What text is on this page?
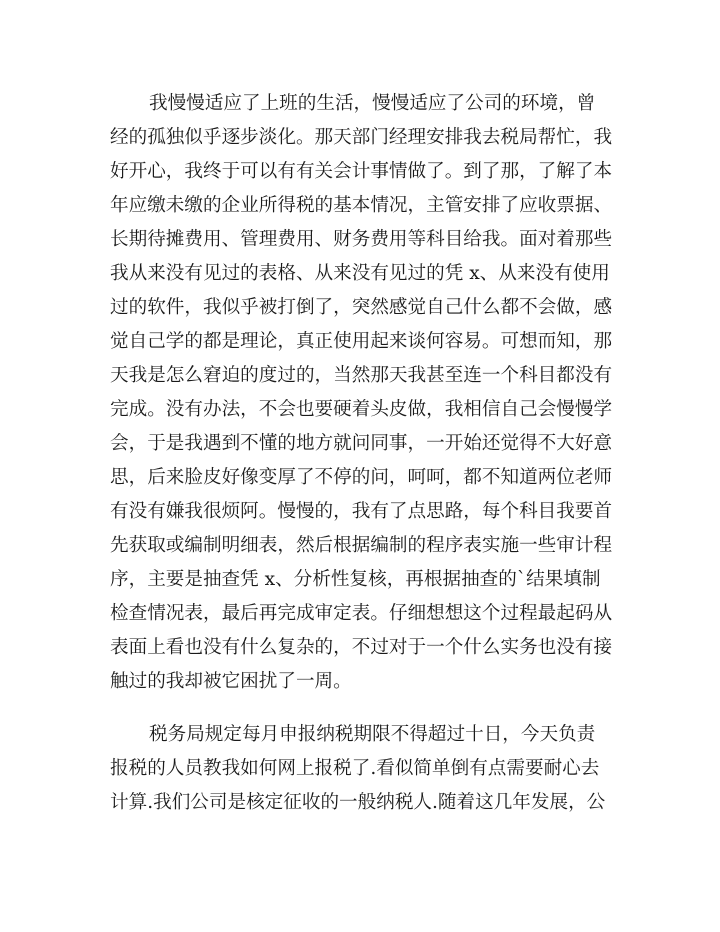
我慢慢适应了上班的生活，慢慢适应了公司的环境，曾
经的孤独似乎逐步淡化。那天部门经理安排我去税局帮忙，我
好开心，我终于可以有有关会计事情做了。到了那，了解了本
年应缴未缴的企业所得税的基本情况，主管安排了应收票据、
长期待摊费用、管理费用、财务费用等科目给我。面对着那些
我从来没有见过的表格、从来没有见过的凭 x、从来没有使用
过的软件，我似乎被打倒了，突然感觉自己什么都不会做，感
觉自己学的都是理论，真正使用起来谈何容易。可想而知，那
天我是怎么窘迫的度过的，当然那天我甚至连一个科目都没有
完成。没有办法，不会也要硬着头皮做，我相信自己会慢慢学
会，于是我遇到不懂的地方就问同事，一开始还觉得不大好意
思，后来脸皮好像变厚了不停的问，呵呵，都不知道两位老师
有没有嫌我很烦阿。慢慢的，我有了点思路，每个科目我要首
先获取或编制明细表，然后根据编制的程序表实施一些审计程
序，主要是抽查凭 x、分析性复核，再根据抽查的`结果填制
检查情况表，最后再完成审定表。仔细想想这个过程最起码从
表面上看也没有什么复杂的，不过对于一个什么实务也没有接
触过的我却被它困扰了一周。
税务局规定每月申报纳税期限不得超过十日，今天负责
报税的人员教我如何网上报税了.看似简单倒有点需要耐心去
计算.我们公司是核定征收的一般纳税人.随着这几年发展，公
